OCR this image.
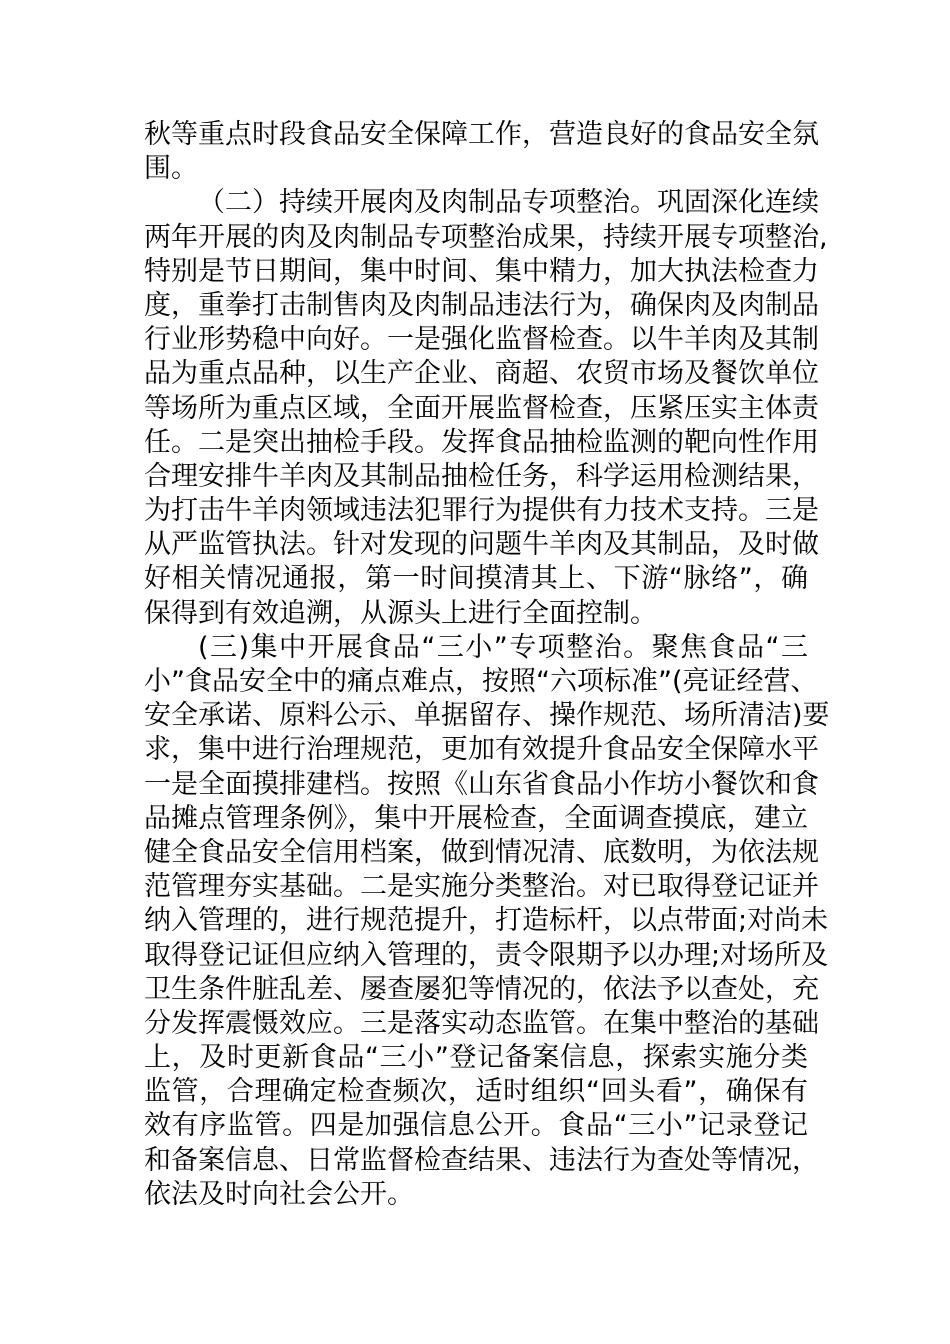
秋等重点时段食品安全保障工作，营造良好的食品安全氛
围。
（二）持续开展肉及肉制品专项整治。巩固深化连续
两年开展的肉及肉制品专项整治成果，持续开展专项整治,
特别是节日期间，集中时间、集中精力，加大执法检查力
度，重拳打击制售肉及肉制品违法行为，确保肉及肉制品
行业形势稳中向好。一是强化监督检查。以牛羊肉及其制
品为重点品种，以生产企业、商超、农贸市场及餐饮单位
等场所为重点区域，全面开展监督检查，压紧压实主体责
任。二是突出抽检手段。发挥食品抽检监测的靶向性作用
合理安排牛羊肉及其制品抽检任务，科学运用检测结果，
为打击牛羊肉领域违法犯罪行为提供有力技术支持。三是
从严监管执法。针对发现的问题牛羊肉及其制品，及时做
好相关情况通报，第一时间摸清其上、下游“脉络”，确
保得到有效追溯，从源头上进行全面控制。
(三)集中开展食品“三小”专项整治。聚焦食品“三
小”食品安全中的痛点难点，按照“六项标准”(亮证经营、
安全承诺、原料公示、单据留存、操作规范、场所清洁)要
求，集中进行治理规范，更加有效提升食品安全保障水平
一是全面摸排建档。按照《山东省食品小作坊小餐饮和食
品摊点管理条例》，集中开展检查，全面调查摸底，建立
健全食品安全信用档案，做到情况清、底数明，为依法规
范管理夯实基础。二是实施分类整治。对已取得登记证并
纳入管理的，进行规范提升，打造标杆，以点带面;对尚未
取得登记证但应纳入管理的，责令限期予以办理;对场所及
卫生条件脏乱差、屡查屡犯等情况的，依法予以查处，充
分发挥震慑效应。三是落实动态监管。在集中整治的基础
上，及时更新食品“三小”登记备案信息，探索实施分类
监管，合理确定检查频次，适时组织“回头看”，确保有
效有序监管。四是加强信息公开。食品“三小”记录登记
和备案信息、日常监督检查结果、违法行为查处等情况，
依法及时向社会公开。
